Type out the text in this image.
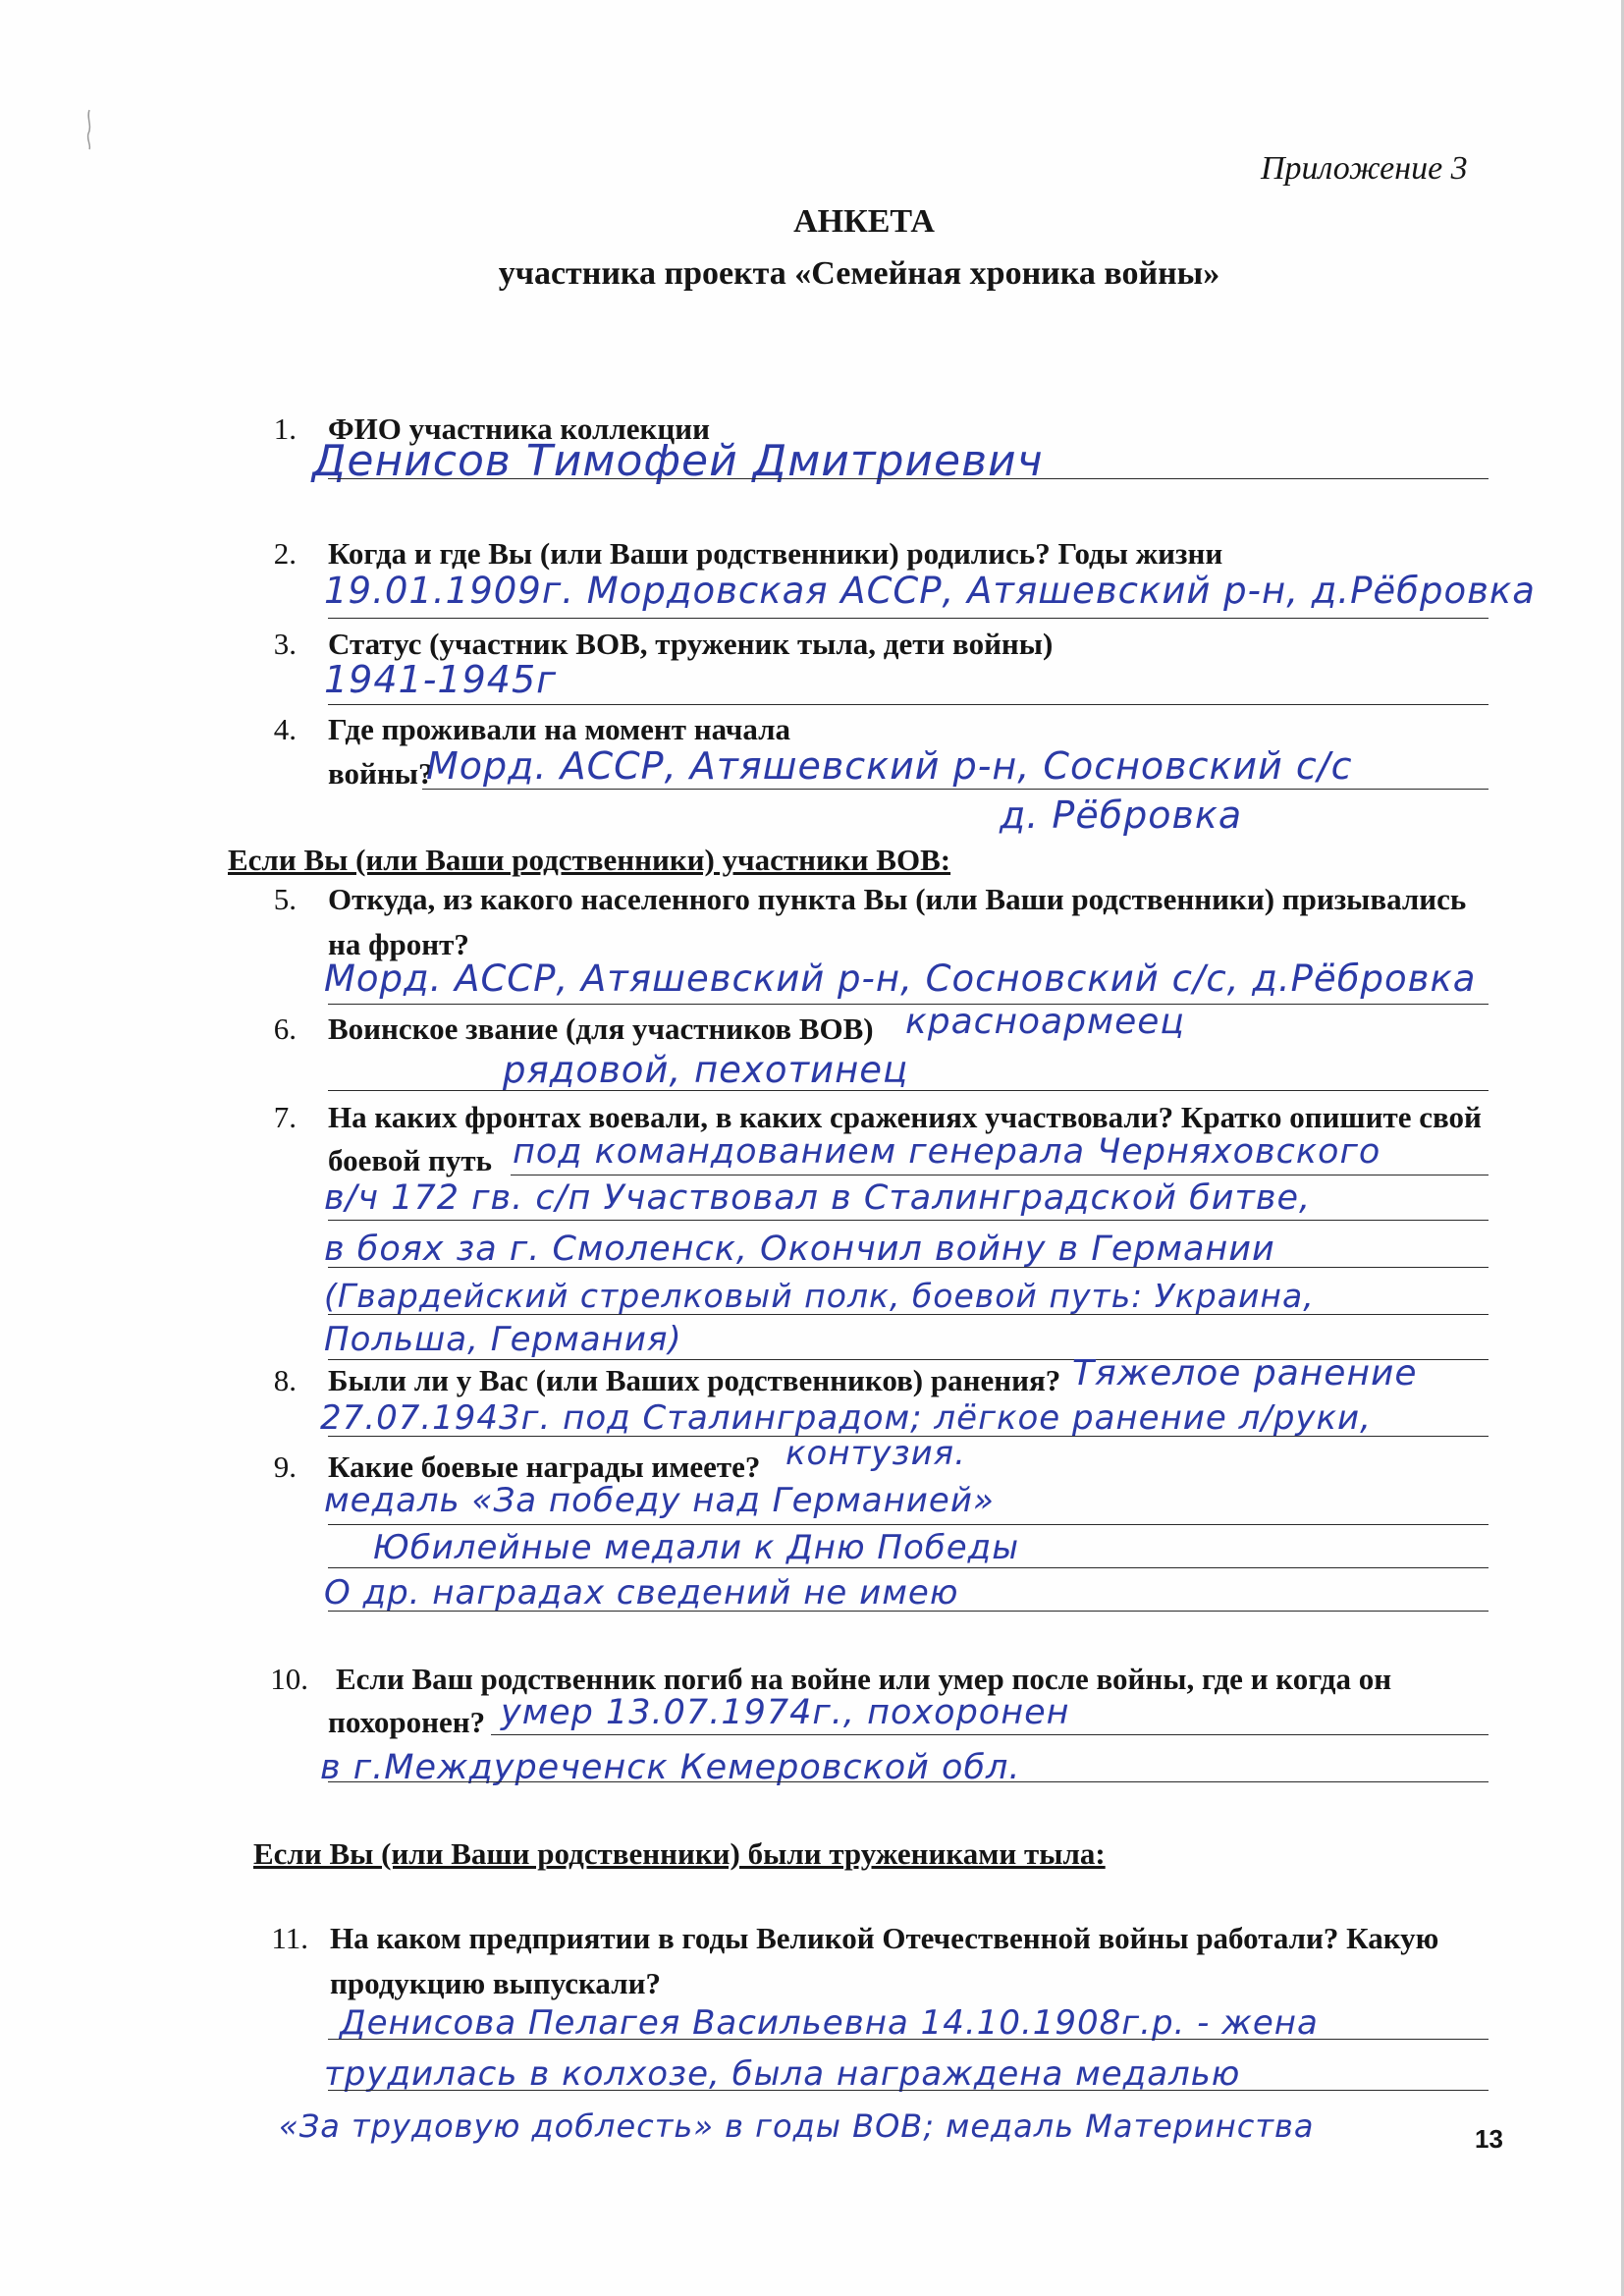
Приложение 3
АНКЕТА
участника проекта «Семейная хроника войны»
1. ФИО участника коллекции
Денисов Тимофей Дмитриевич
2. Когда и где Вы (или Ваши родственники) родились? Годы жизни
19.01.1909г. Мордовская АССР, Атяшевский р-н, д.Рёбровка
3. Статус (участник ВОВ, труженик тыла, дети войны)
1941-1945г
4. Где проживали на момент начала
войны?
Морд. АССР, Атяшевский р-н, Сосновский с/с
д. Рёбровка
Если Вы (или Ваши родственники) участники ВОВ:
5. Откуда, из какого населенного пункта Вы (или Ваши родственники) призывались
на фронт?
Морд. АССР, Атяшевский р-н, Сосновский с/с, д.Рёбровка
6. Воинское звание (для участников ВОВ) красноармеец
рядовой, пехотинец
7. На каких фронтах воевали, в каких сражениях участвовали? Кратко опишите свой
боевой путь под командованием генерала Черняховского
в/ч 172 гв. с/п Участвовал в Сталинградской битве,
в боях за г. Смоленск, Окончил войну в Германии
(Гвардейский стрелковый полк, боевой путь: Украина,
Польша, Германия)
8. Были ли у Вас (или Ваших родственников) ранения? Тяжелое ранение
27.07.1943г. под Сталинградом; лёгкое ранение л/руки,
контузия.
9. Какие боевые награды имеете?
медаль «За победу над Германией»
Юбилейные медали к Дню Победы
О др. наградах сведений не имею
10. Если Ваш родственник погиб на войне или умер после войны, где и когда он
похоронен? умер 13.07.1974г., похоронен
в г.Междуреченск Кемеровской обл.
Если Вы (или Ваши родственники) были тружениками тыла:
11. На каком предприятии в годы Великой Отечественной войны работали? Какую
продукцию выпускали?
Денисова Пелагея Васильевна 14.10.1908г.р. - жена
трудилась в колхозе, была награждена медалью
«За трудовую доблесть» в годы ВОВ; медаль Материнства	13
